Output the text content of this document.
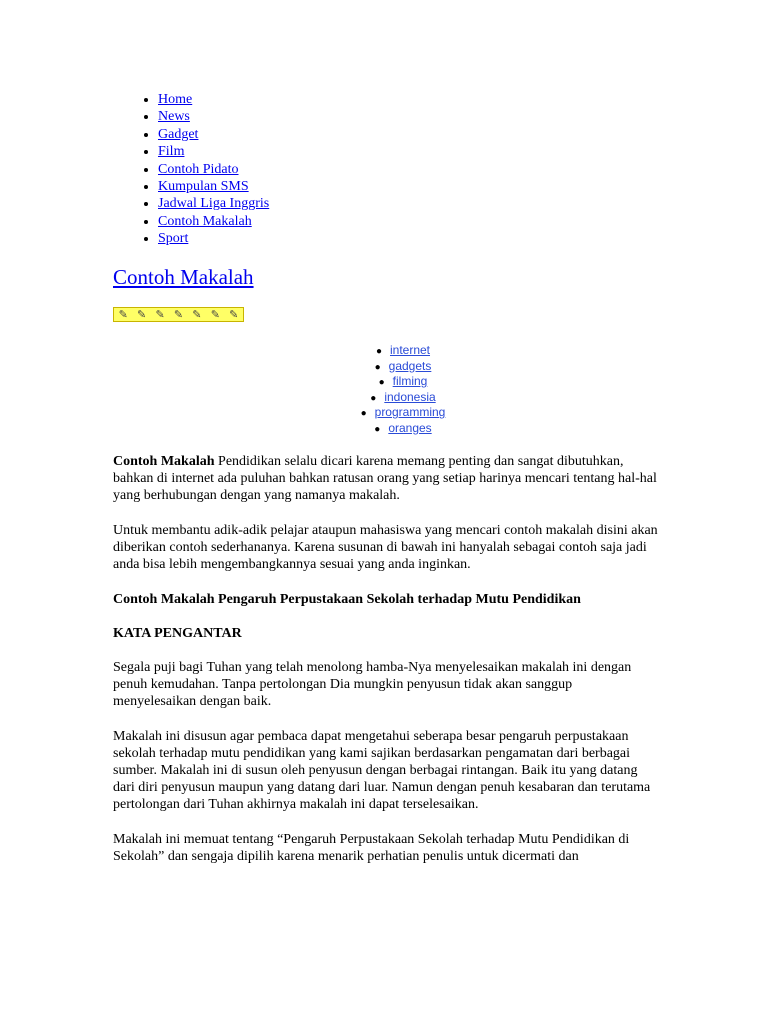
• Home
• News
• Gadget
• Film
• Contoh Pidato
• Kumpulan SMS
• Jadwal Liga Inggris
• Contoh Makalah
• Sport
Contoh Makalah
✎ ✎ ✎ ✎ ✎ ✎ ✎
● internet
● gadgets
● filming
● indonesia
● programming
● oranges

Contoh Makalah Pendidikan selalu dicari karena memang penting dan sangat dibutuhkan, bahkan di internet ada puluhan bahkan ratusan orang yang setiap harinya mencari tentang hal-hal yang berhubungan dengan yang namanya makalah.

Untuk membantu adik-adik pelajar ataupun mahasiswa yang mencari contoh makalah disini akan diberikan contoh sederhananya. Karena susunan di bawah ini hanyalah sebagai contoh saja jadi anda bisa lebih mengembangkannya sesuai yang anda inginkan.

Contoh Makalah Pengaruh Perpustakaan Sekolah terhadap Mutu Pendidikan

KATA PENGANTAR

Segala puji bagi Tuhan yang telah menolong hamba-Nya menyelesaikan makalah ini dengan penuh kemudahan. Tanpa pertolongan Dia mungkin penyusun tidak akan sanggup menyelesaikan dengan baik.

Makalah ini disusun agar pembaca dapat mengetahui seberapa besar pengaruh perpustakaan sekolah terhadap mutu pendidikan yang kami sajikan berdasarkan pengamatan dari berbagai sumber. Makalah ini di susun oleh penyusun dengan berbagai rintangan. Baik itu yang datang dari diri penyusun maupun yang datang dari luar. Namun dengan penuh kesabaran dan terutama pertolongan dari Tuhan akhirnya makalah ini dapat terselesaikan.

Makalah ini memuat tentang “Pengaruh Perpustakaan Sekolah terhadap Mutu Pendidikan di Sekolah” dan sengaja dipilih karena menarik perhatian penulis untuk dicermati dan
